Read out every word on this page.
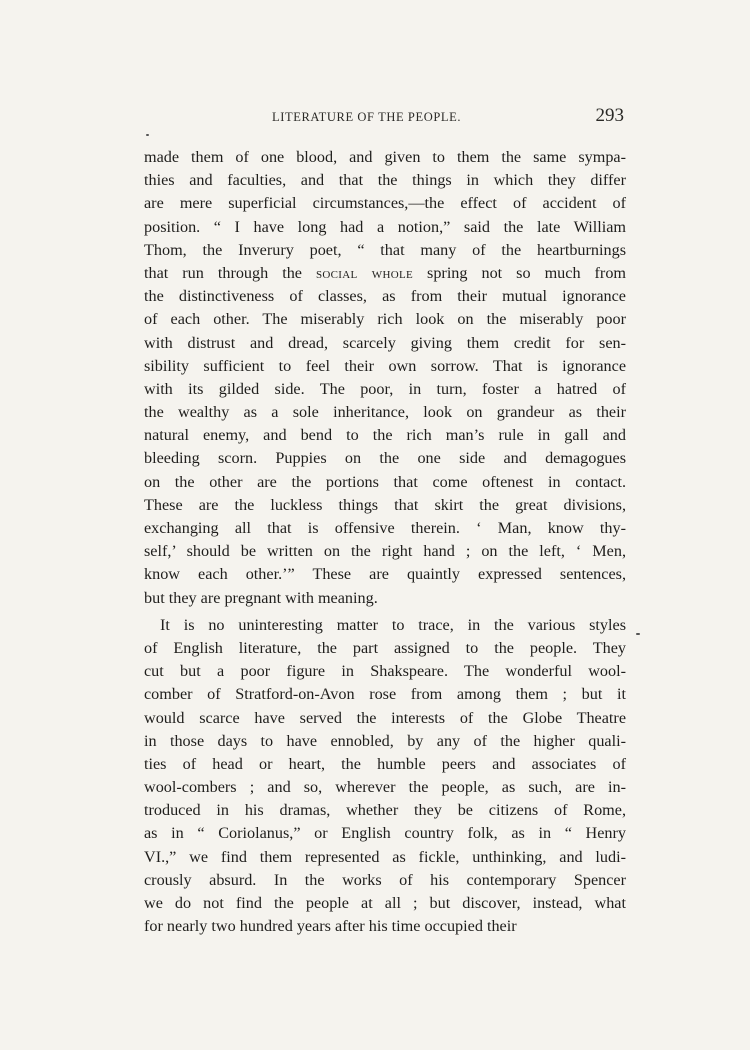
LITERATURE OF THE PEOPLE.	293
made them of one blood, and given to them the same sympa-
thies and faculties, and that the things in which they differ
are mere superficial circumstances,—the effect of accident of
position. “ I have long had a notion,” said the late William
Thom, the Inverury poet, “ that many of the heartburnings
that run through the social whole spring not so much from
the distinctiveness of classes, as from their mutual ignorance
of each other. The miserably rich look on the miserably poor
with distrust and dread, scarcely giving them credit for sen-
sibility sufficient to feel their own sorrow. That is ignorance
with its gilded side. The poor, in turn, foster a hatred of
the wealthy as a sole inheritance, look on grandeur as their
natural enemy, and bend to the rich man’s rule in gall and
bleeding scorn. Puppies on the one side and demagogues
on the other are the portions that come oftenest in contact.
These are the luckless things that skirt the great divisions,
exchanging all that is offensive therein. ‘ Man, know thy-
self,’ should be written on the right hand ; on the left, ‘ Men,
know each other.’” These are quaintly expressed sentences,
but they are pregnant with meaning.
It is no uninteresting matter to trace, in the various styles
of English literature, the part assigned to the people. They
cut but a poor figure in Shakspeare. The wonderful wool-
comber of Stratford-on-Avon rose from among them ; but it
would scarce have served the interests of the Globe Theatre
in those days to have ennobled, by any of the higher quali-
ties of head or heart, the humble peers and associates of
wool-combers ; and so, wherever the people, as such, are in-
troduced in his dramas, whether they be citizens of Rome,
as in “ Coriolanus,” or English country folk, as in “ Henry
VI.,” we find them represented as fickle, unthinking, and ludi-
crously absurd. In the works of his contemporary Spencer
we do not find the people at all ; but discover, instead, what
for nearly two hundred years after his time occupied their
